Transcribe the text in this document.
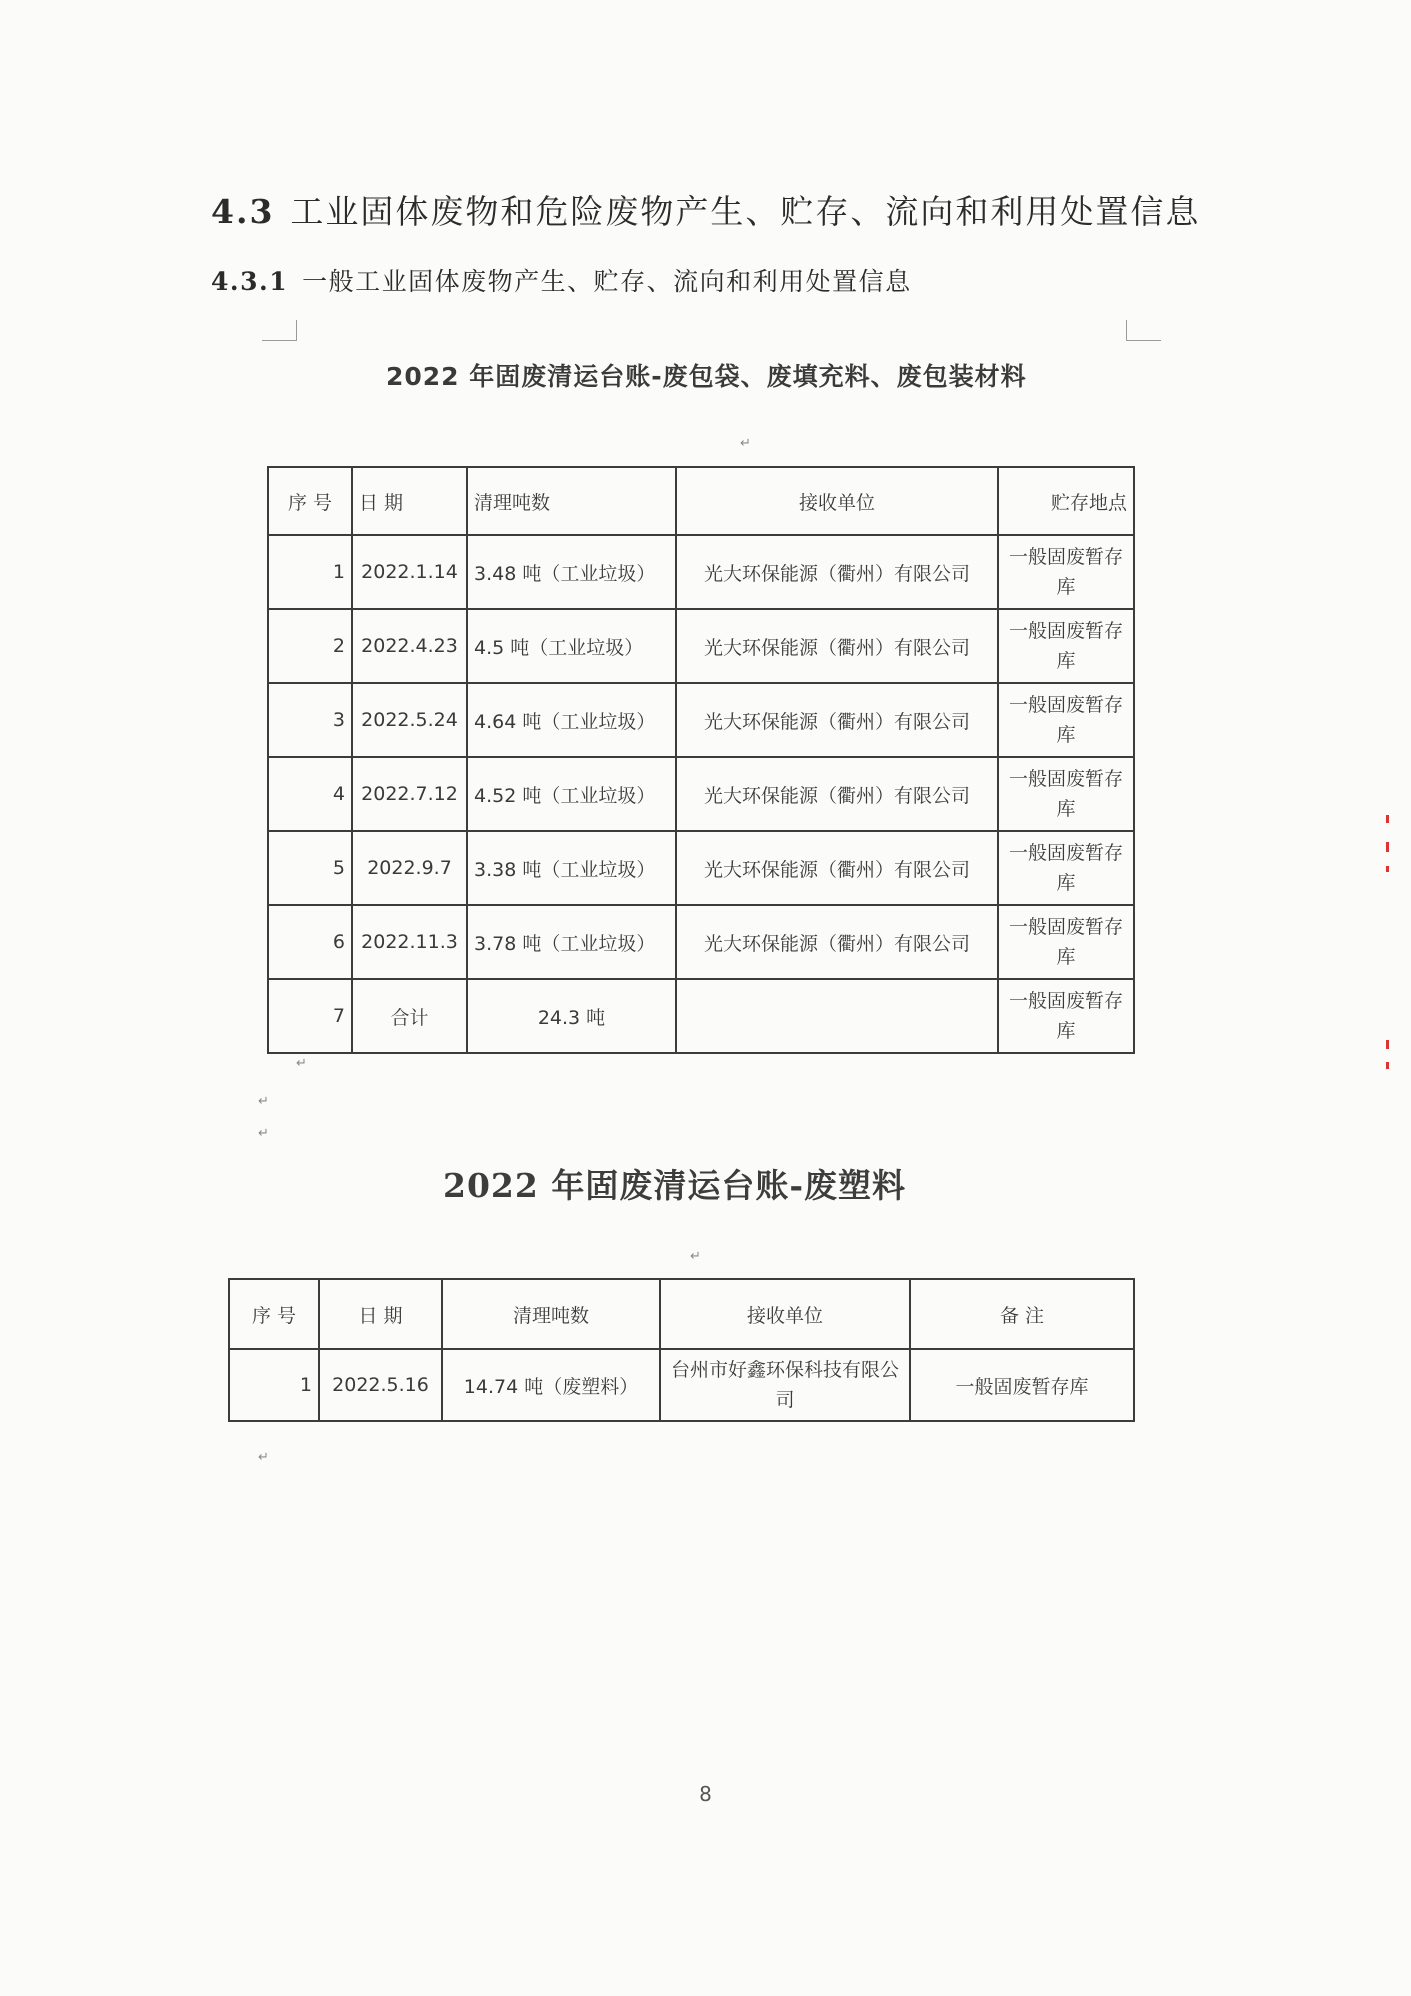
4.3 工业固体废物和危险废物产生、贮存、流向和利用处置信息
4.3.1 一般工业固体废物产生、贮存、流向和利用处置信息
2022 年固废清运台账-废包袋、废填充料、废包装材料
↵
序 号	日 期	清理吨数	接收单位	贮存地点
1	2022.1.14	3.48 吨（工业垃圾）	光大环保能源（衢州）有限公司	一般固废暂存库
2	2022.4.23	4.5 吨（工业垃圾）	光大环保能源（衢州）有限公司	一般固废暂存库
3	2022.5.24	4.64 吨（工业垃圾）	光大环保能源（衢州）有限公司	一般固废暂存库
4	2022.7.12	4.52 吨（工业垃圾）	光大环保能源（衢州）有限公司	一般固废暂存库
5	2022.9.7	3.38 吨（工业垃圾）	光大环保能源（衢州）有限公司	一般固废暂存库
6	2022.11.3	3.78 吨（工业垃圾）	光大环保能源（衢州）有限公司	一般固废暂存库
7	合计	24.3 吨		一般固废暂存库
↵
↵
↵
2022 年固废清运台账-废塑料
↵
序 号	日 期	清理吨数	接收单位	备 注
1	2022.5.16	14.74 吨（废塑料）	台州市好鑫环保科技有限公司	一般固废暂存库
↵
8
